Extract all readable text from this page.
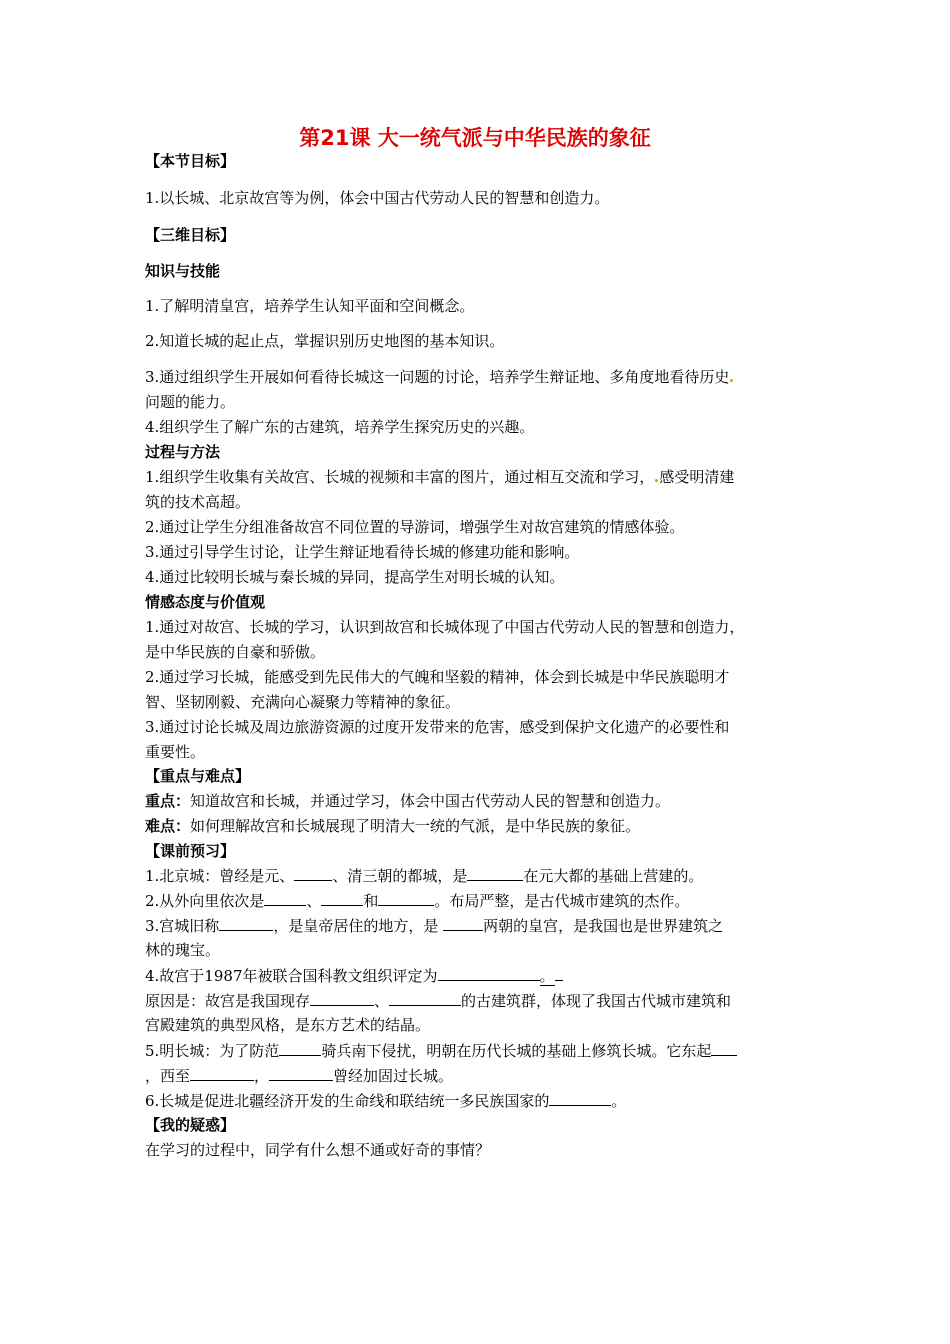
第21课 大一统气派与中华民族的象征
【本节目标】
1.以长城、北京故宫等为例，体会中国古代劳动人民的智慧和创造力。
【三维目标】
知识与技能
1.了解明清皇宫，培养学生认知平面和空间概念。
2.知道长城的起止点，掌握识别历史地图的基本知识。
3.通过组织学生开展如何看待长城这一问题的讨论，培养学生辩证地、多角度地看待历史
问题的能力。
4.组织学生了解广东的古建筑，培养学生探究历史的兴趣。
过程与方法
1.组织学生收集有关故宫、长城的视频和丰富的图片，通过相互交流和学习， 感受明清建
筑的技术高超。
2.通过让学生分组准备故宫不同位置的导游词，增强学生对故宫建筑的情感体验。
3.通过引导学生讨论，让学生辩证地看待长城的修建功能和影响。
4.通过比较明长城与秦长城的异同，提高学生对明长城的认知。
情感态度与价值观
1.通过对故宫、长城的学习，认识到故宫和长城体现了中国古代劳动人民的智慧和创造力，
是中华民族的自豪和骄傲。
2.通过学习长城，能感受到先民伟大的气魄和坚毅的精神，体会到长城是中华民族聪明才
智、坚韧刚毅、充满向心凝聚力等精神的象征。
3.通过讨论长城及周边旅游资源的过度开发带来的危害，感受到保护文化遗产的必要性和
重要性。
【重点与难点】
重点：知道故宫和长城，并通过学习，体会中国古代劳动人民的智慧和创造力。
难点：如何理解故宫和长城展现了明清大一统的气派，是中华民族的象征。
【课前预习】
1.北京城：曾经是元、	、清三朝的都城，是	在元大都的基础上营建的。
2.从外向里依次是	、	和	。布局严整，是古代城市建筑的杰作。
3.宫城旧称	，是皇帝居住的地方，是	两朝的皇宫，是我国也是世界建筑之
林的瑰宝。
4.故宫于1987年被联合国科教文组织评定为	。
原因是：故宫是我国现存	、	的古建筑群，体现了我国古代城市建筑和
宫殿建筑的典型风格，是东方艺术的结晶。
5.明长城：为了防范	骑兵南下侵扰，明朝在历代长城的基础上修筑长城。它东起
，西至	，	曾经加固过长城。
6.长城是促进北疆经济开发的生命线和联结统一多民族国家的	。
【我的疑惑】
在学习的过程中，同学有什么想不通或好奇的事情？
